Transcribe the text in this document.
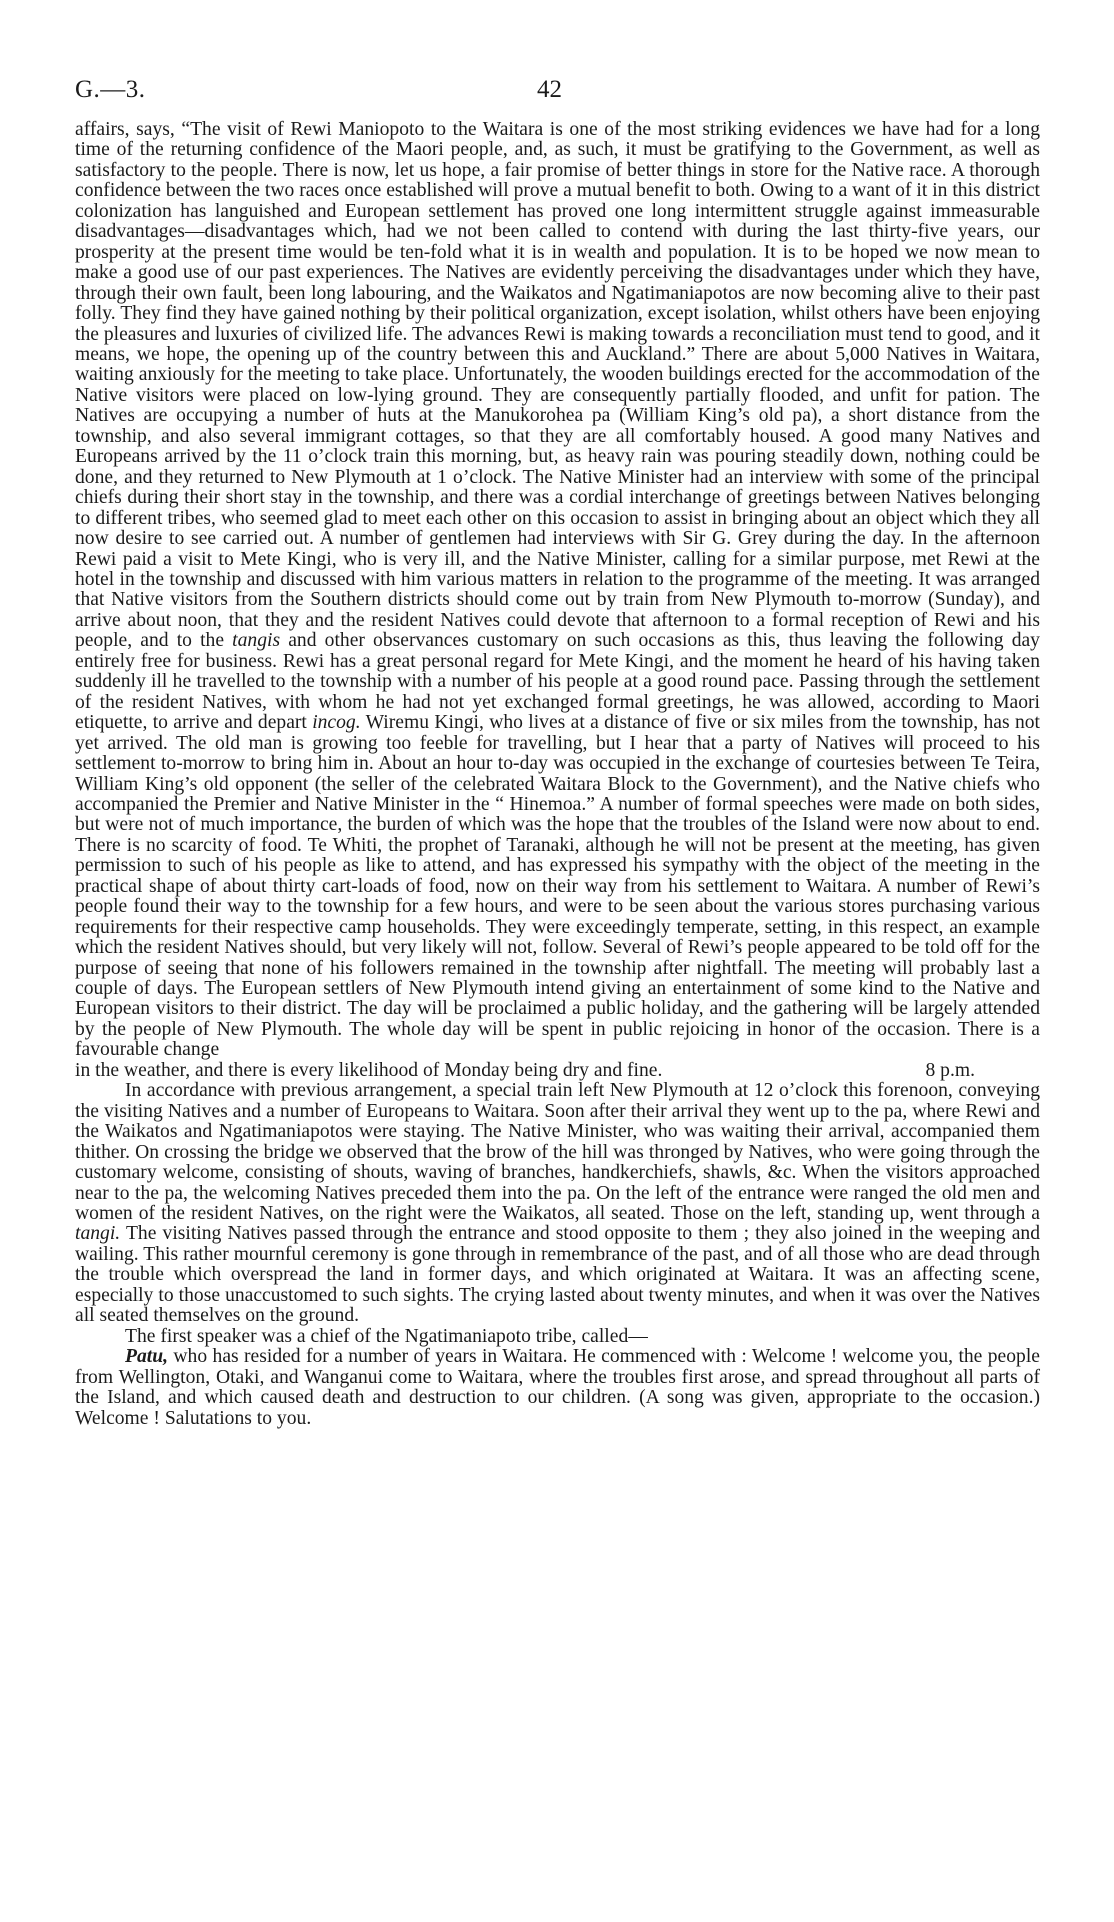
G.—3.	42

affairs, says, “The visit of Rewi Maniopoto to the Waitara is one of the most striking evidences we have had for a long time of the returning confidence of the Maori people, and, as such, it must be gratifying to the Government, as well as satisfactory to the people. There is now, let us hope, a fair promise of better things in store for the Native race. A thorough confidence between the two races once established will prove a mutual benefit to both. Owing to a want of it in this district colonization has languished and European settlement has proved one long intermittent struggle against immeasurable disadvantages—disadvantages which, had we not been called to contend with during the last thirty-five years, our prosperity at the present time would be ten-fold what it is in wealth and population. It is to be hoped we now mean to make a good use of our past experiences. The Natives are evidently perceiving the disadvantages under which they have, through their own fault, been long labouring, and the Waikatos and Ngatimaniapotos are now becoming alive to their past folly. They find they have gained nothing by their political organization, except isolation, whilst others have been enjoying the pleasures and luxuries of civilized life. The advances Rewi is making towards a reconciliation must tend to good, and it means, we hope, the opening up of the country between this and Auckland.” There are about 5,000 Natives in Waitara, waiting anxiously for the meeting to take place. Unfortunately, the wooden buildings erected for the accommodation of the Native visitors were placed on low-lying ground. They are consequently partially flooded, and unfit for pation. The Natives are occupying a number of huts at the Manukorohea pa (William King’s old pa), a short distance from the township, and also several immigrant cottages, so that they are all comfortably housed. A good many Natives and Europeans arrived by the 11 o’clock train this morning, but, as heavy rain was pouring steadily down, nothing could be done, and they returned to New Plymouth at 1 o’clock. The Native Minister had an interview with some of the principal chiefs during their short stay in the township, and there was a cordial interchange of greetings between Natives belonging to different tribes, who seemed glad to meet each other on this occasion to assist in bringing about an object which they all now desire to see carried out. A number of gentlemen had interviews with Sir G. Grey during the day. In the afternoon Rewi paid a visit to Mete Kingi, who is very ill, and the Native Minister, calling for a similar purpose, met Rewi at the hotel in the township and discussed with him various matters in relation to the programme of the meeting. It was arranged that Native visitors from the Southern districts should come out by train from New Plymouth to-morrow (Sunday), and arrive about noon, that they and the resident Natives could devote that afternoon to a formal reception of Rewi and his people, and to the tangis and other observances customary on such occasions as this, thus leaving the following day entirely free for business. Rewi has a great personal regard for Mete Kingi, and the moment he heard of his having taken suddenly ill he travelled to the township with a number of his people at a good round pace. Passing through the settlement of the resident Natives, with whom he had not yet exchanged formal greetings, he was allowed, according to Maori etiquette, to arrive and depart incog. Wiremu Kingi, who lives at a distance of five or six miles from the township, has not yet arrived. The old man is growing too feeble for travelling, but I hear that a party of Natives will proceed to his settlement to-morrow to bring him in. About an hour to-day was occupied in the exchange of courtesies between Te Teira, William King’s old opponent (the seller of the celebrated Waitara Block to the Government), and the Native chiefs who accompanied the Premier and Native Minister in the “ Hinemoa.” A number of formal speeches were made on both sides, but were not of much importance, the burden of which was the hope that the troubles of the Island were now about to end. There is no scarcity of food. Te Whiti, the prophet of Taranaki, although he will not be present at the meeting, has given permission to such of his people as like to attend, and has expressed his sympathy with the object of the meeting in the practical shape of about thirty cart-loads of food, now on their way from his settlement to Waitara. A number of Rewi’s people found their way to the township for a few hours, and were to be seen about the various stores purchasing various requirements for their respective camp households. They were exceedingly temperate, setting, in this respect, an example which the resident Natives should, but very likely will not, follow. Several of Rewi’s people appeared to be told off for the purpose of seeing that none of his followers remained in the township after nightfall. The meeting will probably last a couple of days. The European settlers of New Plymouth intend giving an entertainment of some kind to the Native and European visitors to their district. The day will be proclaimed a public holiday, and the gathering will be largely attended by the people of New Plymouth. The whole day will be spent in public rejoicing in honor of the occasion. There is a favourable change

in the weather, and there is every likelihood of Monday being dry and fine.	8 p.m.

In accordance with previous arrangement, a special train left New Plymouth at 12 o’clock this forenoon, conveying the visiting Natives and a number of Europeans to Waitara. Soon after their arrival they went up to the pa, where Rewi and the Waikatos and Ngatimaniapotos were staying. The Native Minister, who was waiting their arrival, accompanied them thither. On crossing the bridge we observed that the brow of the hill was thronged by Natives, who were going through the customary welcome, consisting of shouts, waving of branches, handkerchiefs, shawls, &c. When the visitors approached near to the pa, the welcoming Natives preceded them into the pa. On the left of the entrance were ranged the old men and women of the resident Natives, on the right were the Waikatos, all seated. Those on the left, standing up, went through a tangi. The visiting Natives passed through the entrance and stood opposite to them ; they also joined in the weeping and wailing. This rather mournful ceremony is gone through in remembrance of the past, and of all those who are dead through the trouble which overspread the land in former days, and which originated at Waitara. It was an affecting scene, especially to those unaccustomed to such sights. The crying lasted about twenty minutes, and when it was over the Natives all seated themselves on the ground.

The first speaker was a chief of the Ngatimaniapoto tribe, called—

Patu, who has resided for a number of years in Waitara. He commenced with : Welcome ! welcome you, the people from Wellington, Otaki, and Wanganui come to Waitara, where the troubles first arose, and spread throughout all parts of the Island, and which caused death and destruction to our children. (A song was given, appropriate to the occasion.) Welcome ! Salutations to you.
